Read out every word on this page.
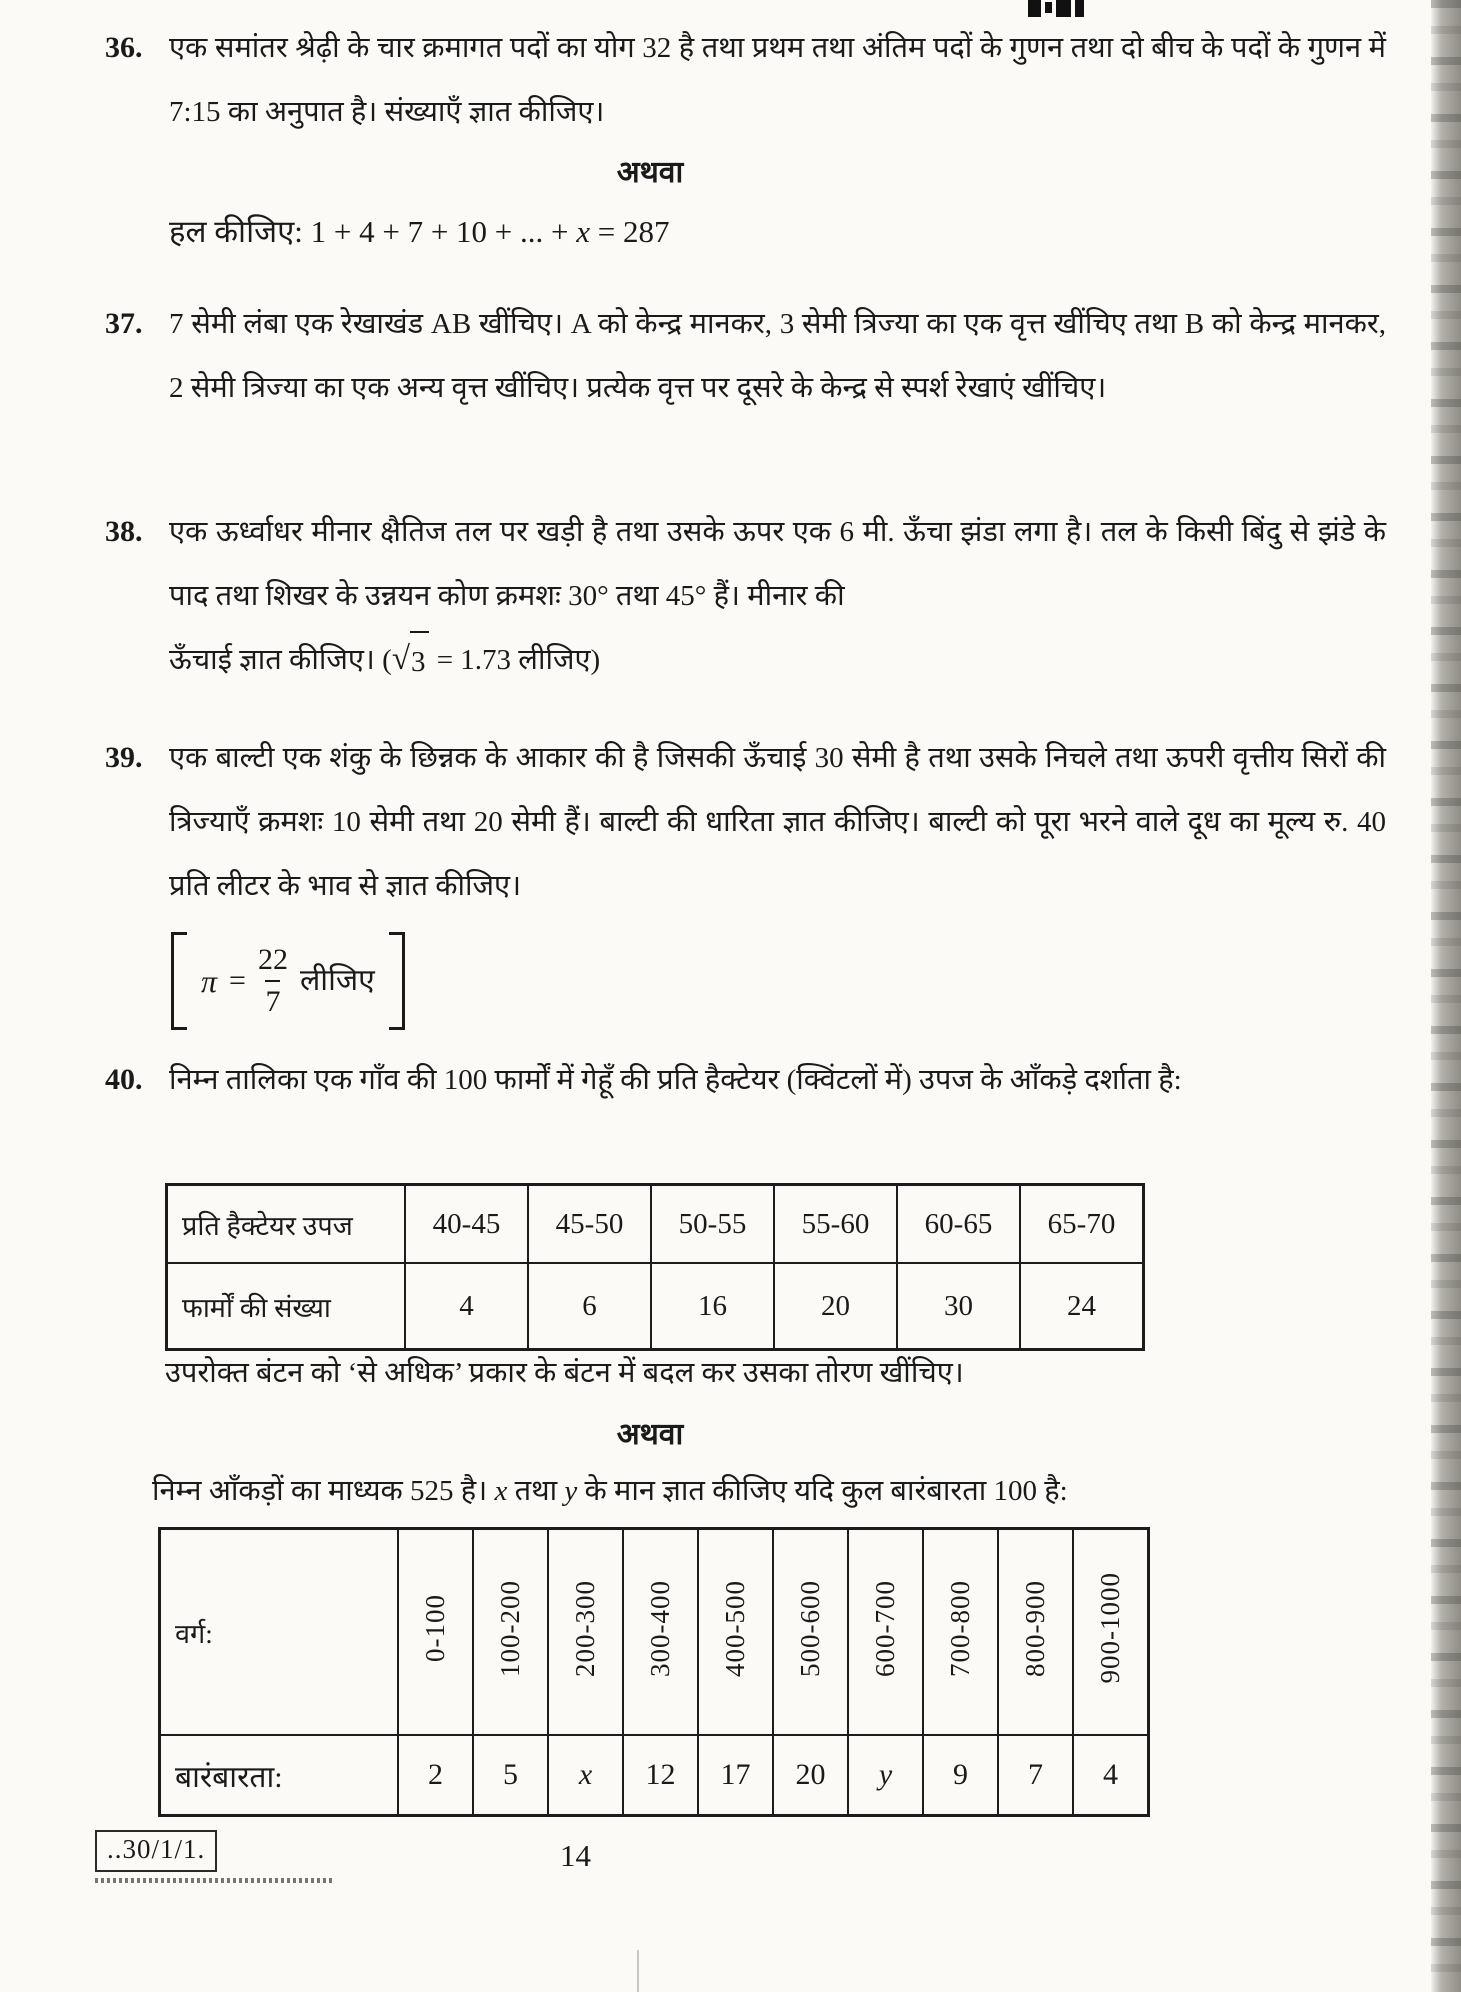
36. एक समांतर श्रेढ़ी के चार क्रमागत पदों का योग 32 है तथा प्रथम तथा अंतिम पदों के गुणन तथा दो बीच के पदों के गुणन में 7:15 का अनुपात है। संख्याएँ ज्ञात कीजिए।
अथवा
हल कीजिए: 1 + 4 + 7 + 10 + ... + x = 287
37. 7 सेमी लंबा एक रेखाखंड AB खींचिए। A को केन्द्र मानकर, 3 सेमी त्रिज्या का एक वृत्त खींचिए तथा B को केन्द्र मानकर, 2 सेमी त्रिज्या का एक अन्य वृत्त खींचिए। प्रत्येक वृत्त पर दूसरे के केन्द्र से स्पर्श रेखाएं खींचिए।
38. एक ऊर्ध्वाधर मीनार क्षैतिज तल पर खड़ी है तथा उसके ऊपर एक 6 मी. ऊँचा झंडा लगा है। तल के किसी बिंदु से झंडे के पाद तथा शिखर के उन्नयन कोण क्रमशः 30° तथा 45° हैं। मीनार की
ऊँचाई ज्ञात कीजिए। ( √ 3 = 1.73 लीजिए)
39. एक बाल्टी एक शंकु के छिन्नक के आकार की है जिसकी ऊँचाई 30 सेमी है तथा उसके निचले तथा ऊपरी वृत्तीय सिरों की त्रिज्याएँ क्रमशः 10 सेमी तथा 20 सेमी हैं। बाल्टी की धारिता ज्ञात कीजिए। बाल्टी को पूरा भरने वाले दूध का मूल्य रु. 40 प्रति लीटर के भाव से ज्ञात कीजिए।
$\pi = \frac{22}{7}$ लीजिए
40. निम्न तालिका एक गाँव की 100 फार्मों में गेहूँ की प्रति हैक्टेयर (क्विंटलों में) उपज के आँकड़े दर्शाता है:
प्रति हैक्टेयर उपज	40-45	45-50	50-55	55-60	60-65	65-70
फार्मों की संख्या	4	6	16	20	30	24
उपरोक्त बंटन को ‘से अधिक’ प्रकार के बंटन में बदल कर उसका तोरण खींचिए।
अथवा
निम्न आँकड़ों का माध्यक 525 है। x तथा y के मान ज्ञात कीजिए यदि कुल बारंबारता 100 है:
वर्ग:	0-100	100-200	200-300	300-400	400-500	500-600	600-700	700-800	800-900	900-1000
बारंबारता:	2	5	x	12	17	20	y	9	7	4
..30/1/1.	14
